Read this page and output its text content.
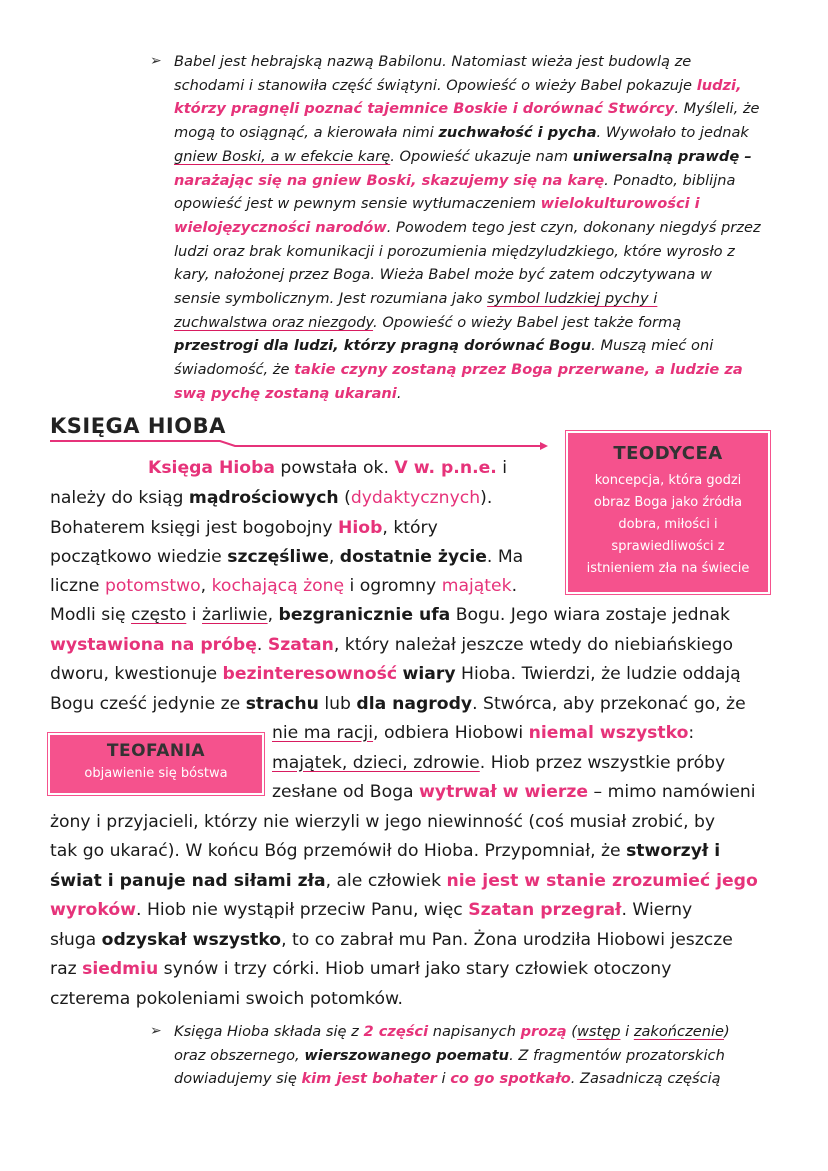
➢ Babel jest hebrajską nazwą Babilonu. Natomiast wieża jest budowlą ze
schodami i stanowiła część świątyni. Opowieść o wieży Babel pokazuje ludzi,
którzy pragnęli poznać tajemnice Boskie i dorównać Stwórcy. Myśleli, że
mogą to osiągnąć, a kierowała nimi zuchwałość i pycha. Wywołało to jednak
gniew Boski, a w efekcie karę. Opowieść ukazuje nam uniwersalną prawdę –
narażając się na gniew Boski, skazujemy się na karę. Ponadto, biblijna
opowieść jest w pewnym sensie wytłumaczeniem wielokulturowości i
wielojęzyczności narodów. Powodem tego jest czyn, dokonany niegdyś przez
ludzi oraz brak komunikacji i porozumienia międzyludzkiego, które wyrosło z
kary, nałożonej przez Boga. Wieża Babel może być zatem odczytywana w
sensie symbolicznym. Jest rozumiana jako symbol ludzkiej pychy i
zuchwalstwa oraz niezgody. Opowieść o wieży Babel jest także formą
przestrogi dla ludzi, którzy pragną dorównać Bogu. Muszą mieć oni
świadomość, że takie czyny zostaną przez Boga przerwane, a ludzie za
swą pychę zostaną ukarani.
KSIĘGA HIOBA
TEODYCEA
koncepcja, która godzi obraz Boga jako źródła dobra, miłości i sprawiedliwości z istnieniem zła na świecie
TEOFANIA
objawienie się bóstwa
Księga Hioba powstała ok. V w. p.n.e. i
należy do ksiąg mądrościowych (dydaktycznych).
Bohaterem księgi jest bogobojny Hiob, który
początkowo wiedzie szczęśliwe, dostatnie życie. Ma
liczne potomstwo, kochającą żonę i ogromny majątek.
Modli się często i żarliwie, bezgranicznie ufa Bogu. Jego wiara zostaje jednak
wystawiona na próbę. Szatan, który należał jeszcze wtedy do niebiańskiego
dworu, kwestionuje bezinteresowność wiary Hioba. Twierdzi, że ludzie oddają
Bogu cześć jedynie ze strachu lub dla nagrody. Stwórca, aby przekonać go, że
nie ma racji, odbiera Hiobowi niemal wszystko:
majątek, dzieci, zdrowie. Hiob przez wszystkie próby
zesłane od Boga wytrwał w wierze – mimo namówieni
żony i przyjacieli, którzy nie wierzyli w jego niewinność (coś musiał zrobić, by
tak go ukarać). W końcu Bóg przemówił do Hioba. Przypomniał, że stworzył i
świat i panuje nad siłami zła, ale człowiek nie jest w stanie zrozumieć jego
wyroków. Hiob nie wystąpił przeciw Panu, więc Szatan przegrał. Wierny
sługa odzyskał wszystko, to co zabrał mu Pan. Żona urodziła Hiobowi jeszcze
raz siedmiu synów i trzy córki. Hiob umarł jako stary człowiek otoczony
czterema pokoleniami swoich potomków.
➢ Księga Hioba składa się z 2 części napisanych prozą (wstęp i zakończenie)
oraz obszernego, wierszowanego poematu. Z fragmentów prozatorskich
dowiadujemy się kim jest bohater i co go spotkało. Zasadniczą częścią
